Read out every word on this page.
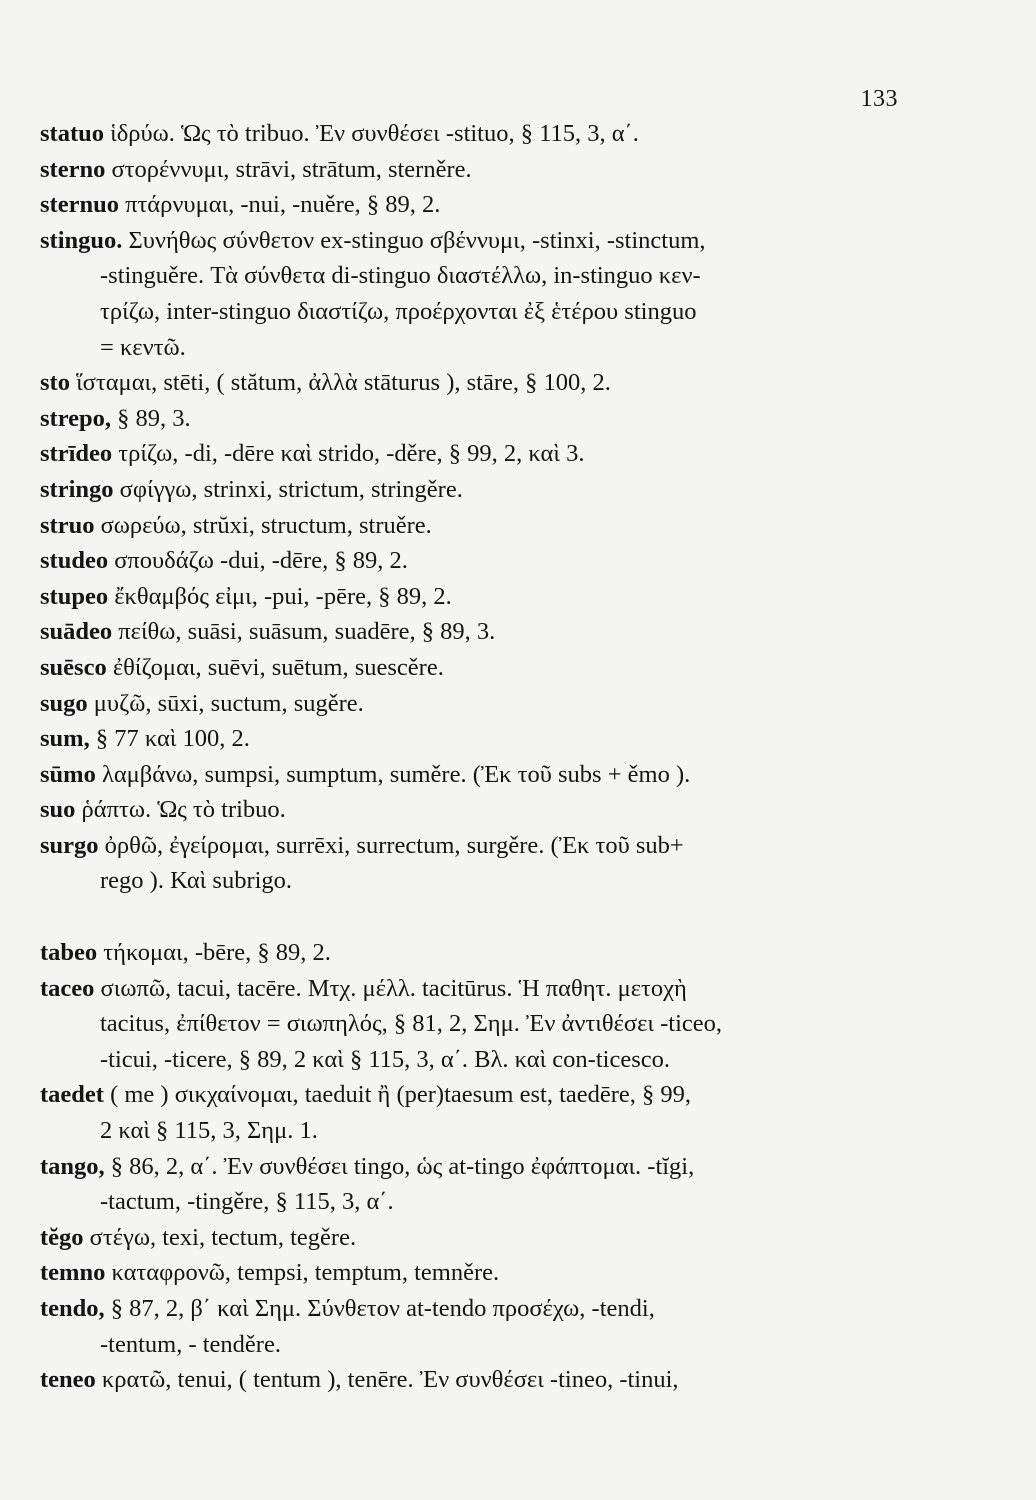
133
statuo ἱδρύω. Ὡς τὸ tribuo. Ἐν συνθέσει -stituo, § 115, 3, α΄.
sterno στορέννυμι, strāvi, strātum, sterněre.
sternuo πτάρνυμαι, -nui, -nuěre, § 89, 2.
stinguo. Συνήθως σύνθετον ex-stinguo σβέννυμι, -stinxi, -stinctum,
-stinguěre. Τὰ σύνθετα di-stinguo διαστέλλω, in-stinguo κεν-
τρίζω, inter-stinguo διαστίζω, προέρχονται ἐξ ἑτέρου stinguo
= κεντῶ.
sto ἵσταμαι, stēti, ( stătum, ἀλλὰ stāturus ), stāre, § 100, 2.
strepo, § 89, 3.
strīdeo τρίζω, -di, -dēre καὶ strido, -děre, § 99, 2, καὶ 3.
stringo σφίγγω, strinxi, strictum, stringěre.
struo σωρεύω, strŭxi, structum, struěre.
studeo σπουδάζω -dui, -dēre, § 89, 2.
stupeo ἔκθαμβός εἰμι, -pui, -pēre, § 89, 2.
suādeo πείθω, suāsi, suāsum, suadēre, § 89, 3.
suēsco ἐθίζομαι, suēvi, suētum, suescěre.
sugo μυζῶ, sūxi, suctum, sugěre.
sum, § 77 καὶ 100, 2.
sūmo λαμβάνω, sumpsi, sumptum, suměre. (Ἐκ τοῦ subs + ěmo ).
suo ῥάπτω. Ὡς τὸ tribuo.
surgo ὀρθῶ, ἐγείρομαι, surrēxi, surrectum, surgěre. (Ἐκ τοῦ sub+
rego ). Καὶ subrigo.
tabeo τήκομαι, -bēre, § 89, 2.
taceo σιωπῶ, tacui, tacēre. Μτχ. μέλλ. tacitūrus. Ἡ παθητ. μετοχὴ
tacitus, ἐπίθετον = σιωπηλός, § 81, 2, Σημ. Ἐν ἀντιθέσει -ticeo,
-ticui, -ticere, § 89, 2 καὶ § 115, 3, α΄. Βλ. καὶ con-ticesco.
taedet ( me ) σικχαίνομαι, taeduit ἢ (per)taesum est, taedēre, § 99,
2 καὶ § 115, 3, Σημ. 1.
tango, § 86, 2, α΄. Ἐν συνθέσει tingo, ὡς at-tingo ἐφάπτομαι. -tĭgi,
-tactum, -tingěre, § 115, 3, α΄.
tĕgo στέγω, texi, tectum, tegěre.
temno καταφρονῶ, tempsi, temptum, temněre.
tendo, § 87, 2, β΄ καὶ Σημ. Σύνθετον at-tendo προσέχω, -tendi,
-tentum, - tenděre.
teneo κρατῶ, tenui, ( tentum ), tenēre. Ἐν συνθέσει -tineo, -tinui,
